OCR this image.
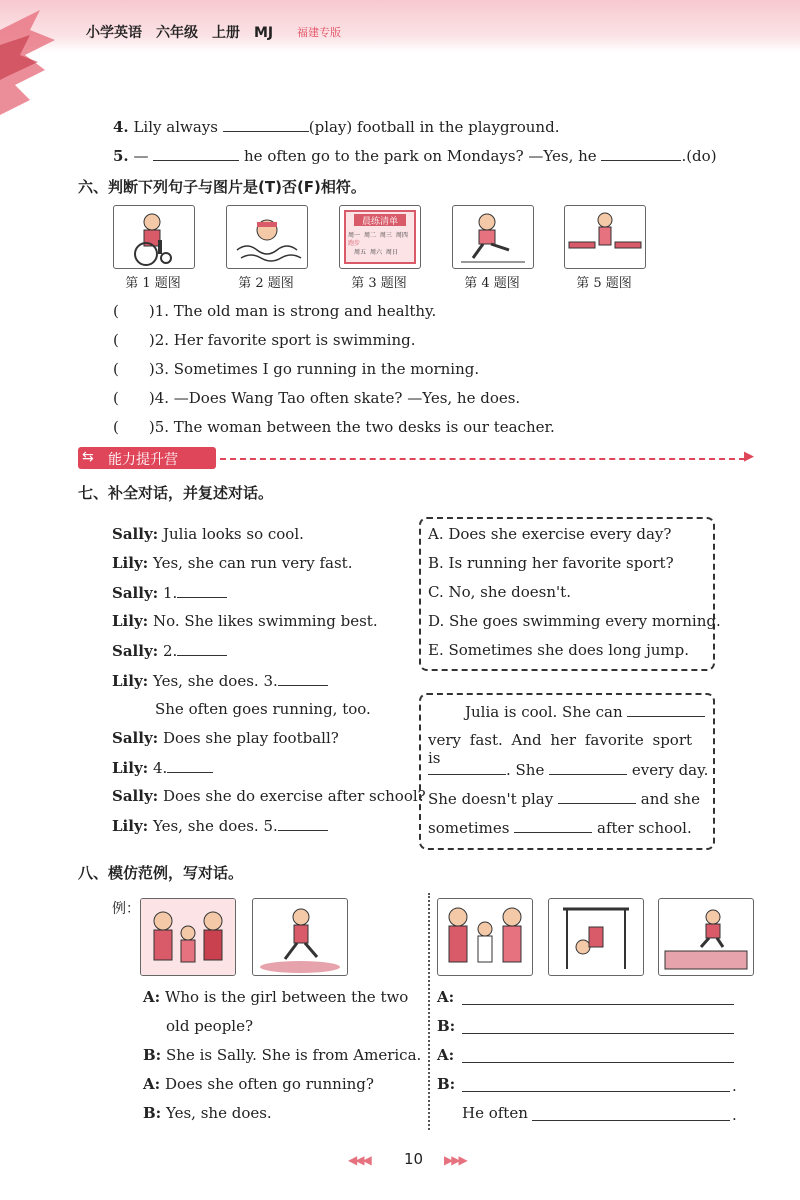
小学英语　六年级　上册　MJ 福建专版
4. Lily always	(play) football in the playground.
5. —	he often go to the park on Mondays? —Yes, he	.(do)
六、判断下列句子与图片是(T)否(F)相符。
晨练清单
周一 周二 周三 周四
跑步
周五 周六 周日
第 1 题图	第 2 题图	第 3 题图	第 4 题图	第 5 题图
(　　)1. The old man is strong and healthy.
(　　)2. Her favorite sport is swimming.
(　　)3. Sometimes I go running in the morning.
(　　)4. —Does Wang Tao often skate? —Yes, he does.
(　　)5. The woman between the two desks is our teacher.
⇆ 能力提升营	▶
七、补全对话，并复述对话。
Sally: Julia looks so cool.
Lily: Yes, she can run very fast.
Sally: 1.
Lily: No. She likes swimming best.
Sally: 2.
Lily: Yes, she does. 3.
She often goes running, too.
Sally: Does she play football?
Lily: 4.
Sally: Does she do exercise after school?
Lily: Yes, she does. 5.
A. Does she exercise every day?
B. Is running her favorite sport?
C. No, she doesn't.
D. She goes swimming every morning.
E. Sometimes she does long jump.
Julia is cool. She can
very fast. And her favorite sport is
. She	every day.
She doesn't play	and she
sometimes	after school.
八、模仿范例，写对话。
例：
A: Who is the girl between the two
old people?
B: She is Sally. She is from America.
A: Does she often go running?
B: Yes, she does.
A:
B:
A:
B:	.
He often	.
◀◀◀ 10 ▶▶▶
